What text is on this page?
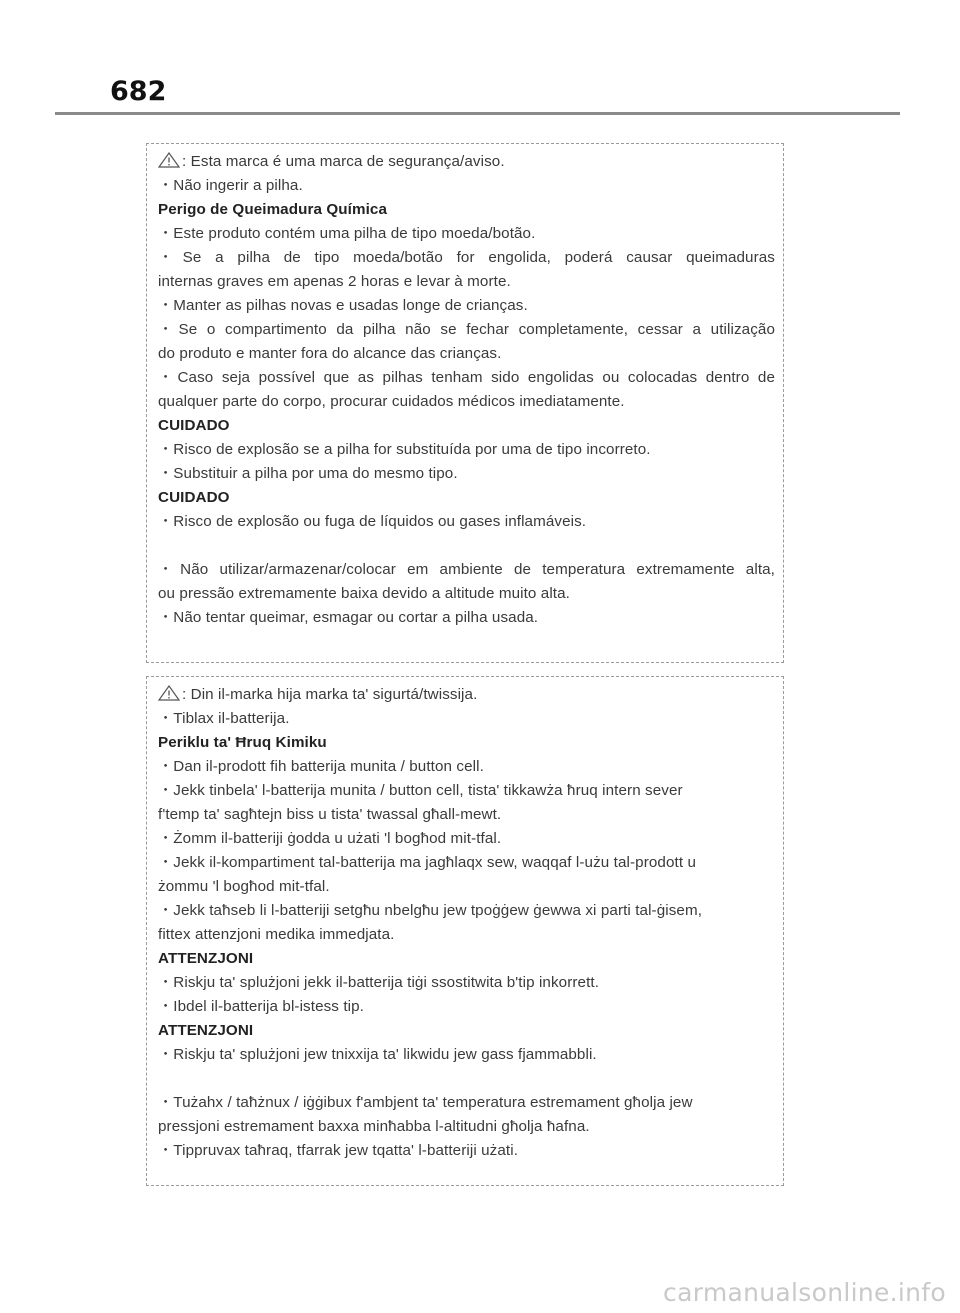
682
: Esta marca é uma marca de segurança/aviso.
・Não ingerir a pilha.
Perigo de Queimadura Química
・Este produto contém uma pilha de tipo moeda/botão.
・Se a pilha de tipo moeda/botão for engolida, poderá causar queimaduras
internas graves em apenas 2 horas e levar à morte.
・Manter as pilhas novas e usadas longe de crianças.
・Se o compartimento da pilha não se fechar completamente, cessar a utilização
do produto e manter fora do alcance das crianças.
・Caso seja possível que as pilhas tenham sido engolidas ou colocadas dentro de
qualquer parte do corpo, procurar cuidados médicos imediatamente.
CUIDADO
・Risco de explosão se a pilha for substituída por uma de tipo incorreto.
・Substituir a pilha por uma do mesmo tipo.
CUIDADO
・Risco de explosão ou fuga de líquidos ou gases inflamáveis.
・Não utilizar/armazenar/colocar em ambiente de temperatura extremamente alta,
ou pressão extremamente baixa devido a altitude muito alta.
・Não tentar queimar, esmagar ou cortar a pilha usada.
: Din il-marka hija marka ta' sigurtá/twissija.
・Tiblax il-batterija.
Periklu ta' Ħruq Kimiku
・Dan il-prodott fih batterija munita / button cell.
・Jekk tinbela' l-batterija munita / button cell, tista' tikkawża ħruq intern sever
f'temp ta' sagħtejn biss u tista' twassal għall-mewt.
・Żomm il-batteriji ġodda u użati 'l bogħod mit-tfal.
・Jekk il-kompartiment tal-batterija ma jagħlaqx sew, waqqaf l-użu tal-prodott u
żommu 'l bogħod mit-tfal.
・Jekk taħseb li l-batteriji setgħu nbelgħu jew tpoġġew ġewwa xi parti tal-ġisem,
fittex attenzjoni medika immedjata.
ATTENZJONI
・Riskju ta' splużjoni jekk il-batterija tiġi ssostitwita b'tip inkorrett.
・Ibdel il-batterija bl-istess tip.
ATTENZJONI
・Riskju ta' splużjoni jew tnixxija ta' likwidu jew gass fjammabbli.
・Tużahx / taħżnux / iġġibux f'ambjent ta' temperatura estremament għolja jew
pressjoni estremament baxxa minħabba l-altitudni għolja ħafna.
・Tippruvax taħraq, tfarrak jew tqatta' l-batteriji użati.
carmanualsonline.info
